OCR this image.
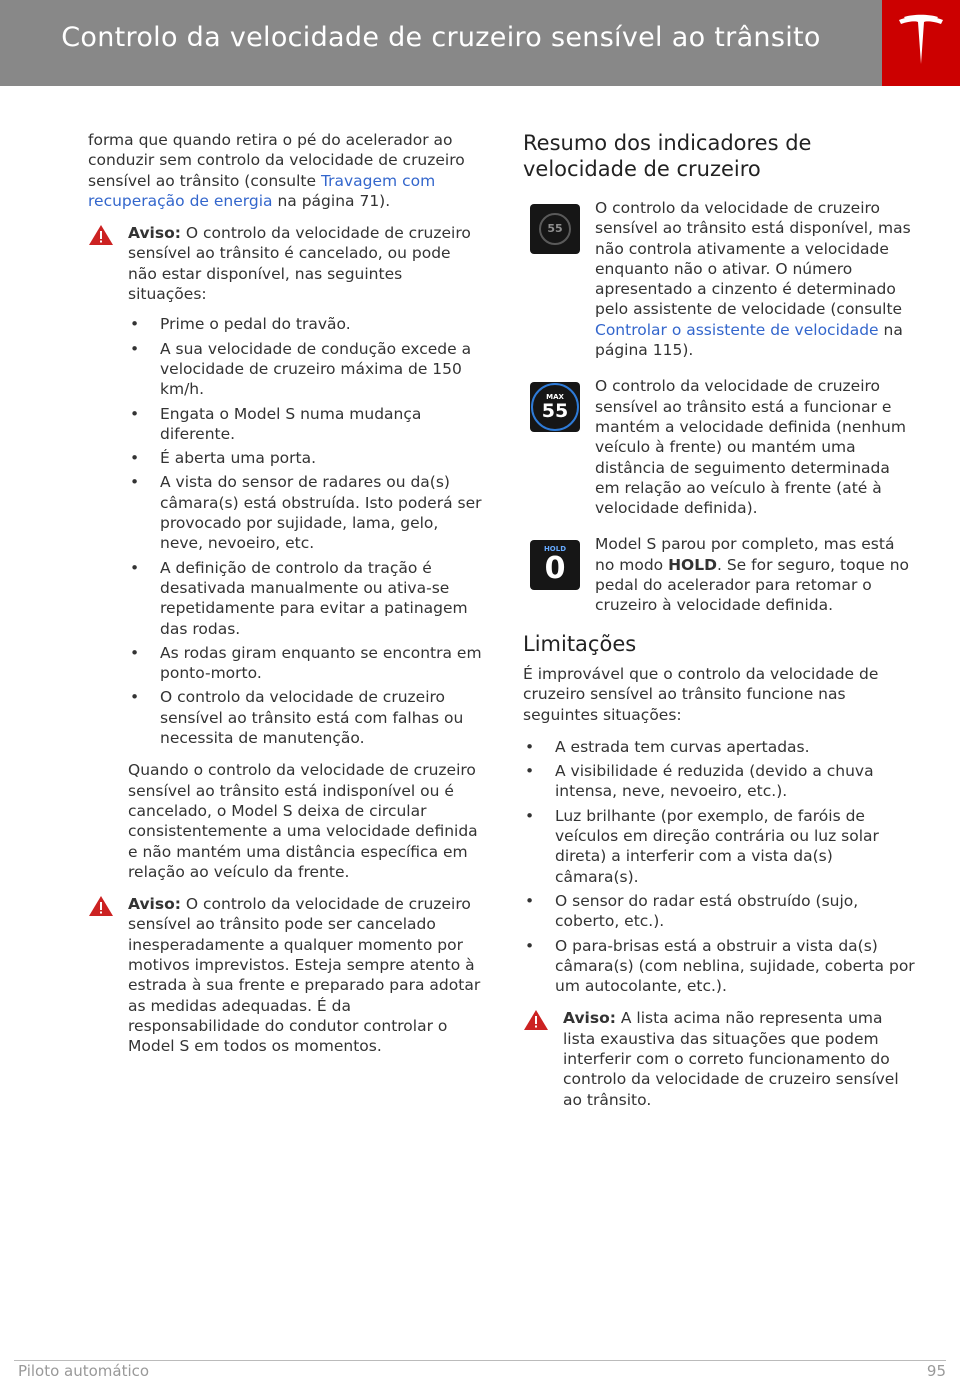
Controlo da velocidade de cruzeiro sensível ao trânsito

forma que quando retira o pé do acelerador ao conduzir sem controlo da velocidade de cruzeiro sensível ao trânsito (consulte Travagem com recuperação de energia na página 71).

Aviso: O controlo da velocidade de cruzeiro sensível ao trânsito é cancelado, ou pode não estar disponível, nas seguintes situações:

• Prime o pedal do travão.
• A sua velocidade de condução excede a velocidade de cruzeiro máxima de 150 km/h.
• Engata o Model S numa mudança diferente.
• É aberta uma porta.
• A vista do sensor de radares ou da(s) câmara(s) está obstruída. Isto poderá ser provocado por sujidade, lama, gelo, neve, nevoeiro, etc.
• A definição de controlo da tração é desativada manualmente ou ativa-se repetidamente para evitar a patinagem das rodas.
• As rodas giram enquanto se encontra em ponto-morto.
• O controlo da velocidade de cruzeiro sensível ao trânsito está com falhas ou necessita de manutenção.

Quando o controlo da velocidade de cruzeiro sensível ao trânsito está indisponível ou é cancelado, o Model S deixa de circular consistentemente a uma velocidade definida e não mantém uma distância específica em relação ao veículo da frente.

Aviso: O controlo da velocidade de cruzeiro sensível ao trânsito pode ser cancelado inesperadamente a qualquer momento por motivos imprevistos. Esteja sempre atento à estrada à sua frente e preparado para adotar as medidas adequadas. É da responsabilidade do condutor controlar o Model S em todos os momentos.

Resumo dos indicadores de velocidade de cruzeiro
55

O controlo da velocidade de cruzeiro sensível ao trânsito está disponível, mas não controla ativamente a velocidade enquanto não o ativar. O número apresentado a cinzento é determinado pelo assistente de velocidade (consulte Controlar o assistente de velocidade na página 115).

MAX
55

O controlo da velocidade de cruzeiro sensível ao trânsito está a funcionar e mantém a velocidade definida (nenhum veículo à frente) ou mantém uma distância de seguimento determinada em relação ao veículo à frente (até à velocidade definida).

HOLD
0

Model S parou por completo, mas está no modo HOLD. Se for seguro, toque no pedal do acelerador para retomar o cruzeiro à velocidade definida.

Limitações

É improvável que o controlo da velocidade de cruzeiro sensível ao trânsito funcione nas seguintes situações:

• A estrada tem curvas apertadas.
• A visibilidade é reduzida (devido a chuva intensa, neve, nevoeiro, etc.).
• Luz brilhante (por exemplo, de faróis de veículos em direção contrária ou luz solar direta) a interferir com a vista da(s) câmara(s).
• O sensor do radar está obstruído (sujo, coberto, etc.).
• O para-brisas está a obstruir a vista da(s) câmara(s) (com neblina, sujidade, coberta por um autocolante, etc.).

Aviso: A lista acima não representa uma lista exaustiva das situações que podem interferir com o correto funcionamento do controlo da velocidade de cruzeiro sensível ao trânsito.

Piloto automático	95
